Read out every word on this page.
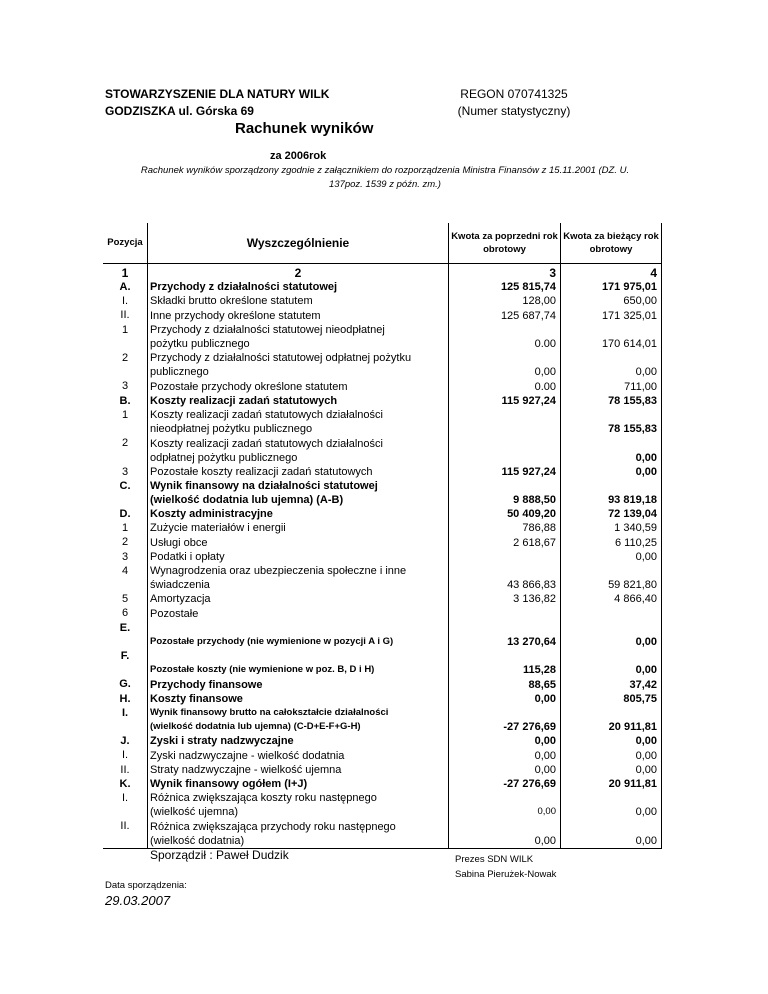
STOWARZYSZENIE DLA NATURY WILK
GODZISZKA ul. Górska 69
REGON 070741325
(Numer statystyczny)
Rachunek wyników
za 2006rok
Rachunek wyników sporządzony zgodnie z załącznikiem do rozporządzenia Ministra Finansów z 15.11.2001 (DZ. U.
137poz. 1539 z późn. zm.)
Pozycja	Wyszczególnienie	Kwota za poprzedni rok obrotowy	Kwota za bieżący rok obrotowy
1	2	3	4
A.	Przychody z działalności statutowej	125 815,74	171 975,01
I.	Składki brutto określone statutem	128,00	650,00
II.	Inne przychody określone statutem	125 687,74	171 325,01
1	Przychody z działalności statutowej nieodpłatnej
pożytku publicznego	0.00	170 614,01
2	Przychody z działalności statutowej odpłatnej pożytku
publicznego	0,00	0,00
3	Pozostałe przychody określone statutem	0.00	711,00
B.	Koszty realizacji zadań statutowych	115 927,24	78 155,83
1	Koszty realizacji zadań statutowych działalności
nieodpłatnej pożytku publicznego		78 155,83
2	Koszty realizacji zadań statutowych działalności
odpłatnej pożytku publicznego		0,00
3	Pozostałe koszty realizacji zadań statutowych	115 927,24	0,00
C.	Wynik finansowy na działalności statutowej
(wielkość dodatnia lub ujemna) (A-B)	9 888,50	93 819,18
D.	Koszty administracyjne	50 409,20	72 139,04
1	Zużycie materiałów i energii	786,88	1 340,59
2	Usługi obce	2 618,67	6 110,25
3	Podatki i opłaty		0,00
4	Wynagrodzenia oraz ubezpieczenia społeczne i inne
świadczenia	43 866,83	59 821,80
5	Amortyzacja	3 136,82	4 866,40
6	Pozostałe		
E.	Pozostałe przychody (nie wymienione w pozycji A i G)	13 270,64	0,00
F.	Pozostałe koszty (nie wymienione w poz. B, D i H)	115,28	0,00
G.	Przychody finansowe	88,65	37,42
H.	Koszty finansowe	0,00	805,75
I.	Wynik finansowy brutto na całokształcie działalności
(wielkość dodatnia lub ujemna) (C-D+E-F+G-H)	-27 276,69	20 911,81
J.	Zyski i straty nadzwyczajne	0,00	0,00
I.	Zyski nadzwyczajne - wielkość dodatnia	0,00	0,00
II.	Straty nadzwyczajne - wielkość ujemna	0,00	0,00
K.	Wynik finansowy ogółem (I+J)	-27 276,69	20 911,81
I.	Różnica zwiększająca koszty roku następnego
(wielkość ujemna)	0,00	0,00
II.	Różnica zwiększająca przychody roku następnego
(wielkość dodatnia)	0,00	0,00
Sporządził : Paweł Dudzik	Prezes SDN WILK
Sabina Pierużek-Nowak
Data sporządzenia:
29.03.2007
